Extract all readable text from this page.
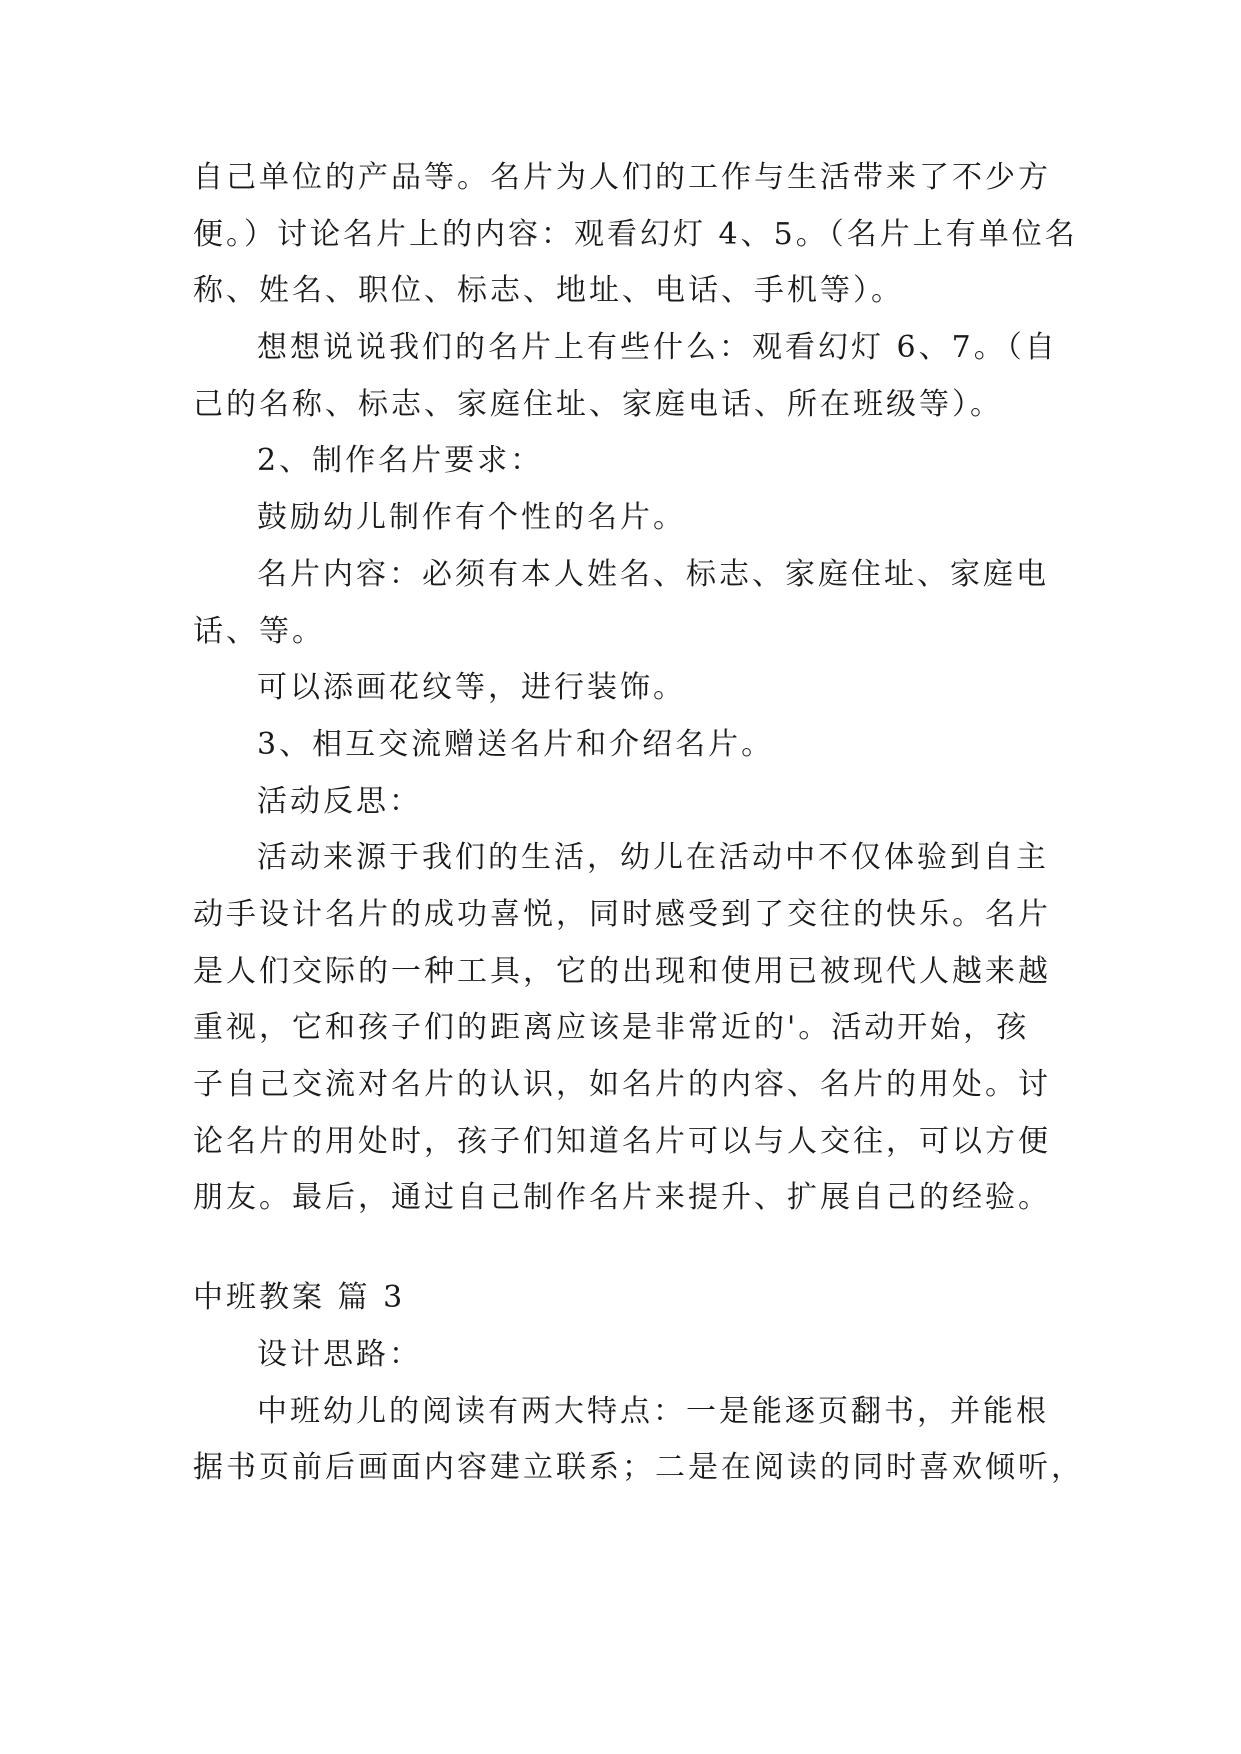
自己单位的产品等。名片为人们的工作与生活带来了不少方
便。）讨论名片上的内容：观看幻灯 4、5。（名片上有单位名
称、姓名、职位、标志、地址、电话、手机等）。
想想说说我们的名片上有些什么：观看幻灯 6、7。（自
己的名称、标志、家庭住址、家庭电话、所在班级等）。
2、制作名片要求：
鼓励幼儿制作有个性的名片。
名片内容：必须有本人姓名、标志、家庭住址、家庭电
话、等。
可以添画花纹等，进行装饰。
3、相互交流赠送名片和介绍名片。
活动反思：
活动来源于我们的生活，幼儿在活动中不仅体验到自主
动手设计名片的成功喜悦，同时感受到了交往的快乐。名片
是人们交际的一种工具，它的出现和使用已被现代人越来越
重视，它和孩子们的距离应该是非常近的'。活动开始，孩
子自己交流对名片的认识，如名片的内容、名片的用处。讨
论名片的用处时，孩子们知道名片可以与人交往，可以方便
朋友。最后，通过自己制作名片来提升、扩展自己的经验。
中班教案 篇 3
设计思路：
中班幼儿的阅读有两大特点：一是能逐页翻书，并能根
据书页前后画面内容建立联系；二是在阅读的同时喜欢倾听，
